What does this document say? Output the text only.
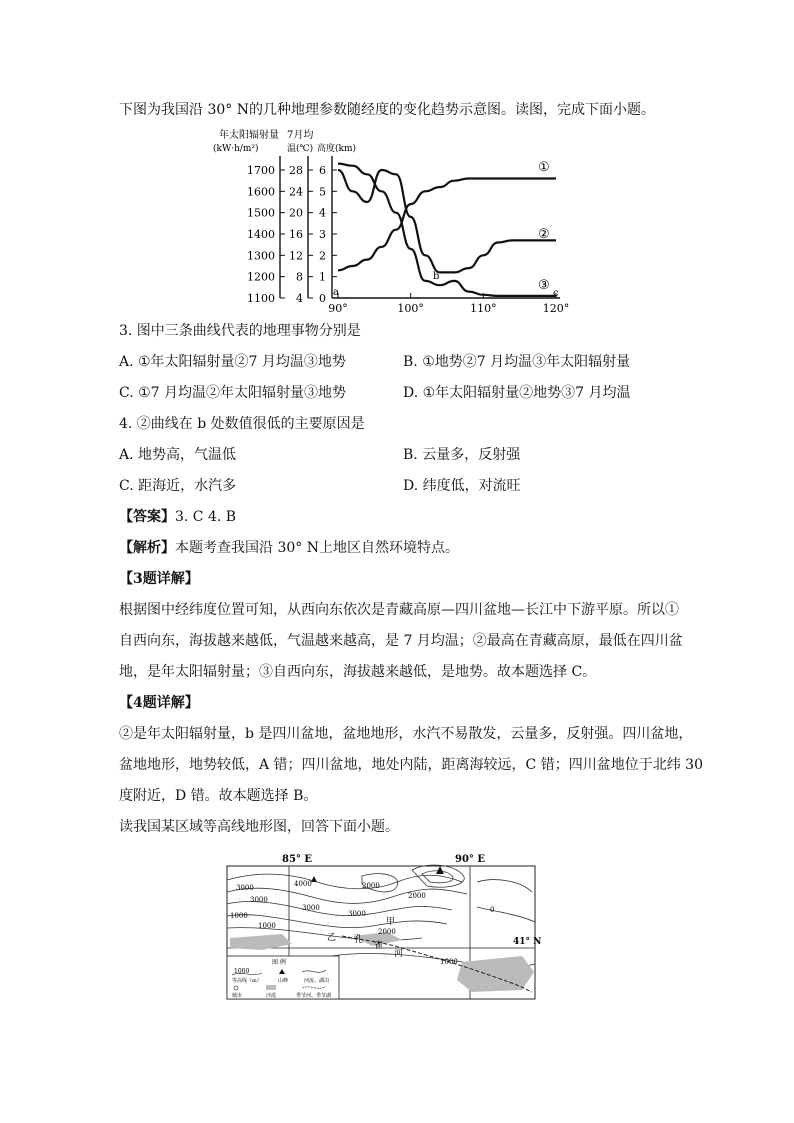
下图为我国沿 30° N的几种地理参数随经度的变化趋势示意图。读图，完成下面小题。
年太阳辐射量
(kW·h/m²)
7月均
温(℃) 高度(km)
1700
1600
1500
1400
1300
1200
1100
28
24
20
16
12
8
4
6
5
4
3
2
1
0
90°	100°	110°	120°
①
②
③
a
b
c
3. 图中三条曲线代表的地理事物分别是
A. ①年太阳辐射量②7 月均温③地势	B. ①地势②7 月均温③年太阳辐射量
C. ①7 月均温②年太阳辐射量③地势	D. ①年太阳辐射量②地势③7 月均温
4. ②曲线在 b 处数值很低的主要原因是
A. 地势高，气温低	B. 云量多，反射强
C. 距海近，水汽多	D. 纬度低，对流旺
【答案】3. C 4. B
【解析】本题考查我国沿 30° N上地区自然环境特点。
【3题详解】
根据图中经纬度位置可知，从西向东依次是青藏高原—四川盆地—长江中下游平原。所以①
自西向东，海拔越来越低，气温越来越高，是 7 月均温；②最高在青藏高原，最低在四川盆
地，是年太阳辐射量；③自西向东，海拔越来越低，是地势。故本题选择 C。
【4题详解】
②是年太阳辐射量，b 是四川盆地，盆地地形，水汽不易散发，云量多，反射强。四川盆地，
盆地地形，地势较低，A 错；四川盆地，地处内陆，距离海较远，C 错；四川盆地位于北纬 30
度附近，D 错。故本题选择 B。
读我国某区域等高线地形图，回答下面小题。
85° E	90° E
41° N
4000
3000	2000
3000
1000
3000
2000
3000
2000
1000
1000
0
甲
乙 孔
雀
河
图 例
1000
等高线（m）	山峰	河流、湖泊
城市	沙漠	季节河、季节湖
